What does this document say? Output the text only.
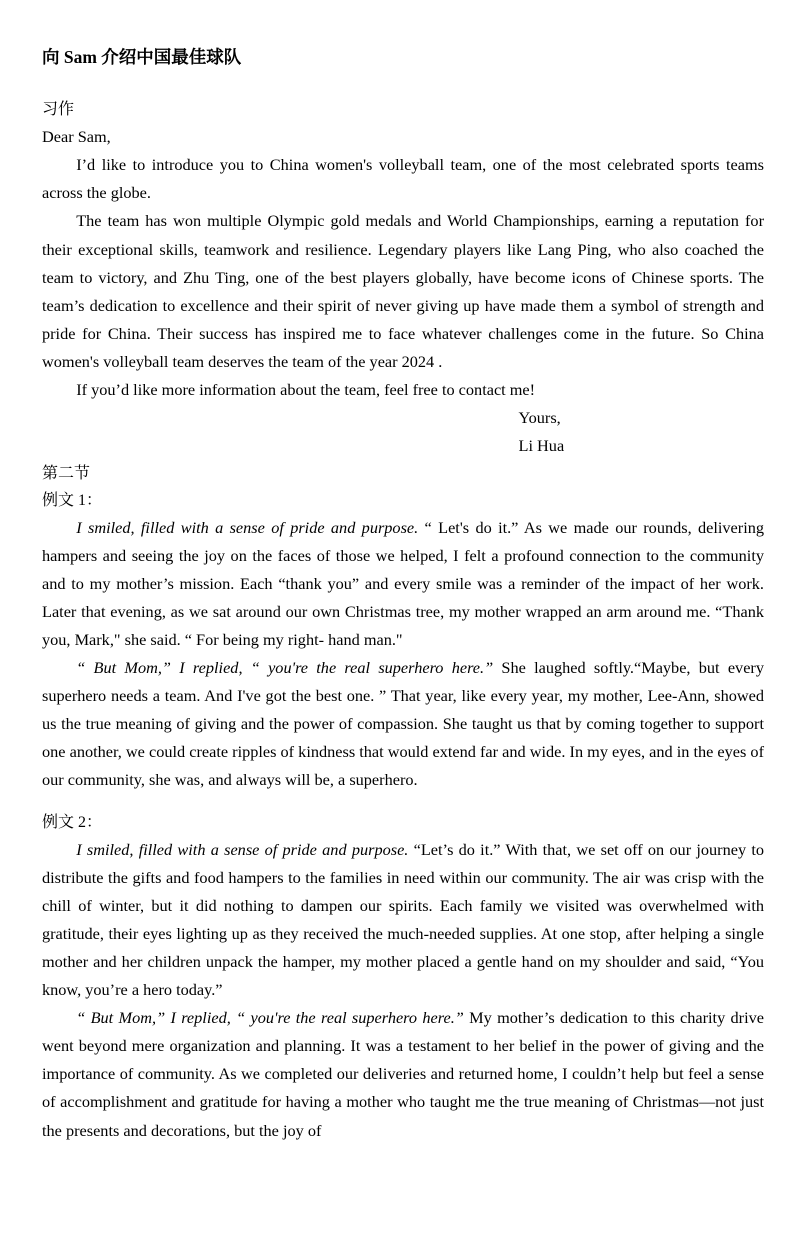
向 Sam 介绍中国最佳球队
习作

Dear Sam,

I’d like to introduce you to China women's volleyball team, one of the most celebrated sports teams across the globe.

The team has won multiple Olympic gold medals and World Championships, earning a reputation for their exceptional skills, teamwork and resilience. Legendary players like Lang Ping, who also coached the team to victory, and Zhu Ting, one of the best players globally, have become icons of Chinese sports. The team’s dedication to excellence and their spirit of never giving up have made them a symbol of strength and pride for China. Their success has inspired me to face whatever challenges come in the future. So China women's volleyball team deserves the team of the year 2024 .

If you’d like more information about the team, feel free to contact me!

Yours,

Li Hua

第二节
例文 1：

I smiled, filled with a sense of pride and purpose. “ Let's do it.” As we made our rounds, delivering hampers and seeing the joy on the faces of those we helped, I felt a profound connection to the community and to my mother’s mission. Each “thank you” and every smile was a reminder of the impact of her work. Later that evening, as we sat around our own Christmas tree, my mother wrapped an arm around me. “Thank you, Mark," she said. “ For being my right- hand man."

“ But Mom,” I replied, “ you're the real superhero here.” She laughed softly.“Maybe, but every superhero needs a team. And I've got the best one. ” That year, like every year, my mother, Lee-Ann, showed us the true meaning of giving and the power of compassion. She taught us that by coming together to support one another, we could create ripples of kindness that would extend far and wide. In my eyes, and in the eyes of our community, she was, and always will be, a superhero.

例文 2：

I smiled, filled with a sense of pride and purpose. “Let’s do it.” With that, we set off on our journey to distribute the gifts and food hampers to the families in need within our community. The air was crisp with the chill of winter, but it did nothing to dampen our spirits. Each family we visited was overwhelmed with gratitude, their eyes lighting up as they received the much-needed supplies. At one stop, after helping a single mother and her children unpack the hamper, my mother placed a gentle hand on my shoulder and said, “You know, you’re a hero today.”

“ But Mom,” I replied, “ you're the real superhero here.” My mother’s dedication to this charity drive went beyond mere organization and planning. It was a testament to her belief in the power of giving and the importance of community. As we completed our deliveries and returned home, I couldn’t help but feel a sense of accomplishment and gratitude for having a mother who taught me the true meaning of Christmas—not just the presents and decorations, but the joy of
